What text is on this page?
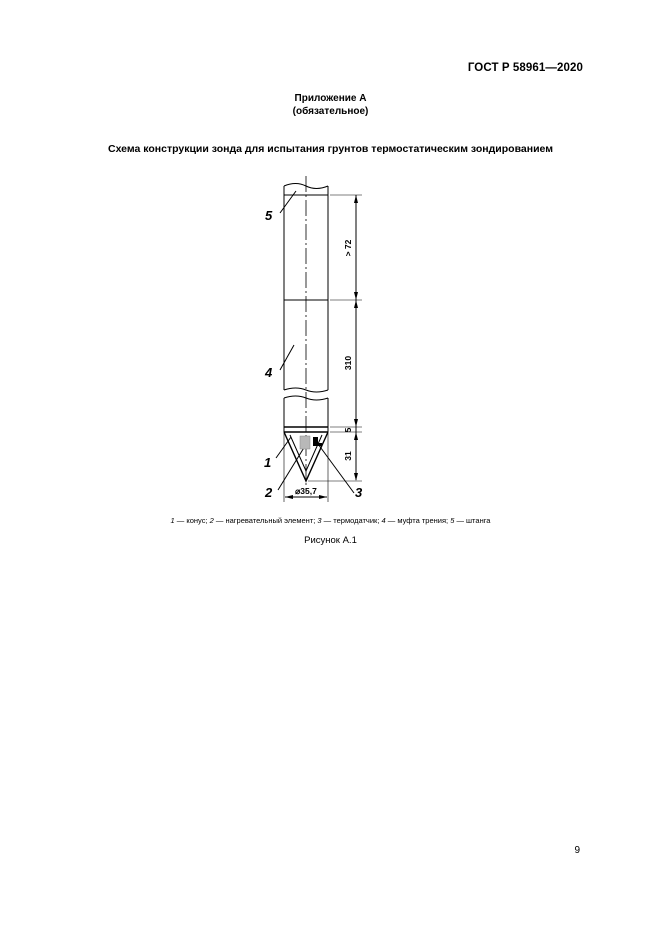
ГОСТ Р 58961—2020
Приложение А
(обязательное)
Схема конструкции зонда для испытания грунтов термостатическим зондированием
5
4
1
2	3
> 72
310
5
31
⌀35,7
1 — конус; 2 — нагревательный элемент; 3 — термодатчик; 4 — муфта трения; 5 — штанга
Рисунок А.1
9
